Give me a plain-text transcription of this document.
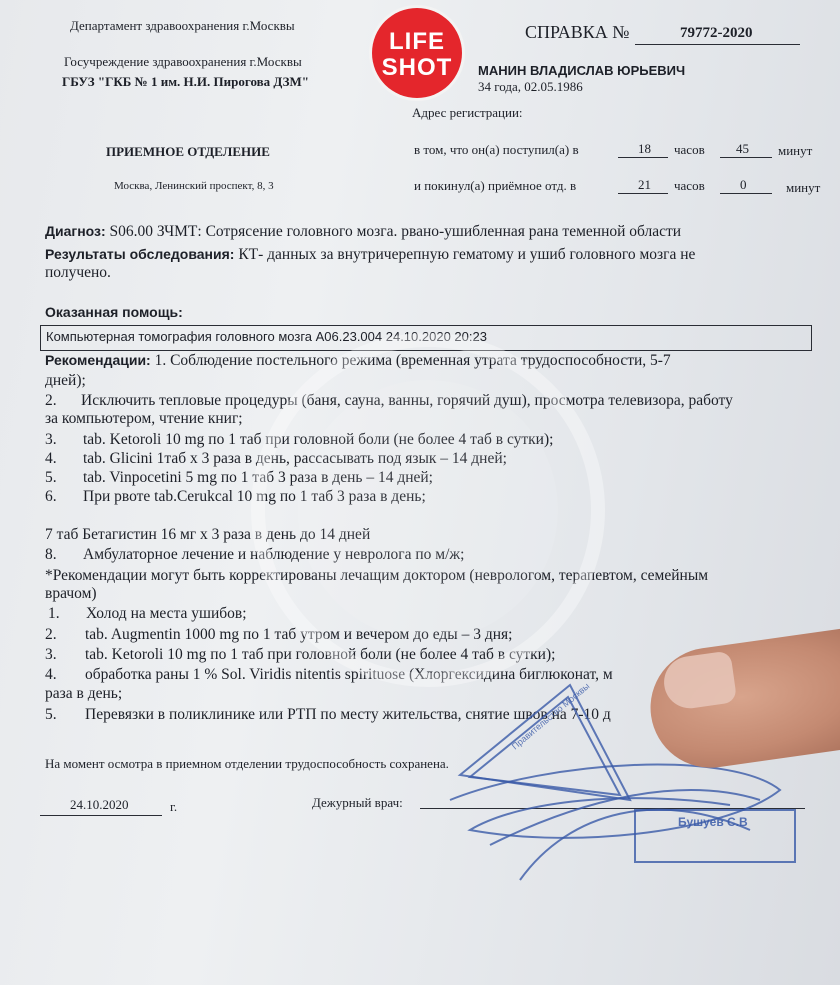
Департамент здравоохранения г.Москвы
Госучреждение здравоохранения г.Москвы
ГБУЗ "ГКБ № 1 им. Н.И. Пирогова ДЗМ"
ПРИЕМНОЕ ОТДЕЛЕНИЕ
Москва, Ленинский проспект, 8, 3
LIFE
SHOT
СПРАВКА №	79772-2020
МАНИН ВЛАДИСЛАВ ЮРЬЕВИЧ
34 года, 02.05.1986
Адрес регистрации:
в том, что он(а) поступил(а) в	18 часов 45 минут
и покинул(а) приёмное отд. в	21 часов	0	минут
Диагноз: S06.00 ЗЧМТ: Сотрясение головного мозга. рвано-ушибленная рана теменной области
Результаты обследования: КТ- данных за внутричерепную гематому и ушиб головного мозга не
получено.
Оказанная помощь:
Компьютерная томография головного мозга A06.23.004 24.10.2020 20:23
Рекомендации: 1. Соблюдение постельного режима (временная утрата трудоспособности, 5-7
дней);
2. Исключить тепловые процедуры (баня, сауна, ванны, горячий душ), просмотра телевизора, работу
за компьютером, чтение книг;
3. tab. Ketoroli 10 mg по 1 таб при головной боли (не более 4 таб в сутки);
4. tab. Glicini 1таб х 3 раза в день, рассасывать под язык – 14 дней;
5. tab. Vinpocetini 5 mg по 1 таб 3 раза в день – 14 дней;
6. При рвоте tab.Cerukcal 10 mg по 1 таб 3 раза в день;
7 таб Бетагистин 16 мг х 3 раза в день до 14 дней
8. Амбулаторное лечение и наблюдение у невролога по м/ж;
*Рекомендации могут быть корректированы лечащим доктором (неврологом, терапевтом, семейным
врачом)
1. Холод на места ушибов;
2. tab. Augmentin 1000 mg по 1 таб утром и вечером до еды – 3 дня;
3. tab. Ketoroli 10 mg по 1 таб при головной боли (не более 4 таб в сутки);
4. обработка раны 1 % Sol. Viridis nitentis spirituose (Хлоргексидина биглюконат, м
раза в день;
5. Перевязки в поликлинике или РТП по месту жительства, снятие швов на 7-10 д
На момент осмотра в приемном отделении трудоспособность сохранена.
24.10.2020	г.	Дежурный врач:
Правительство Москвы
Бушуев С.В
